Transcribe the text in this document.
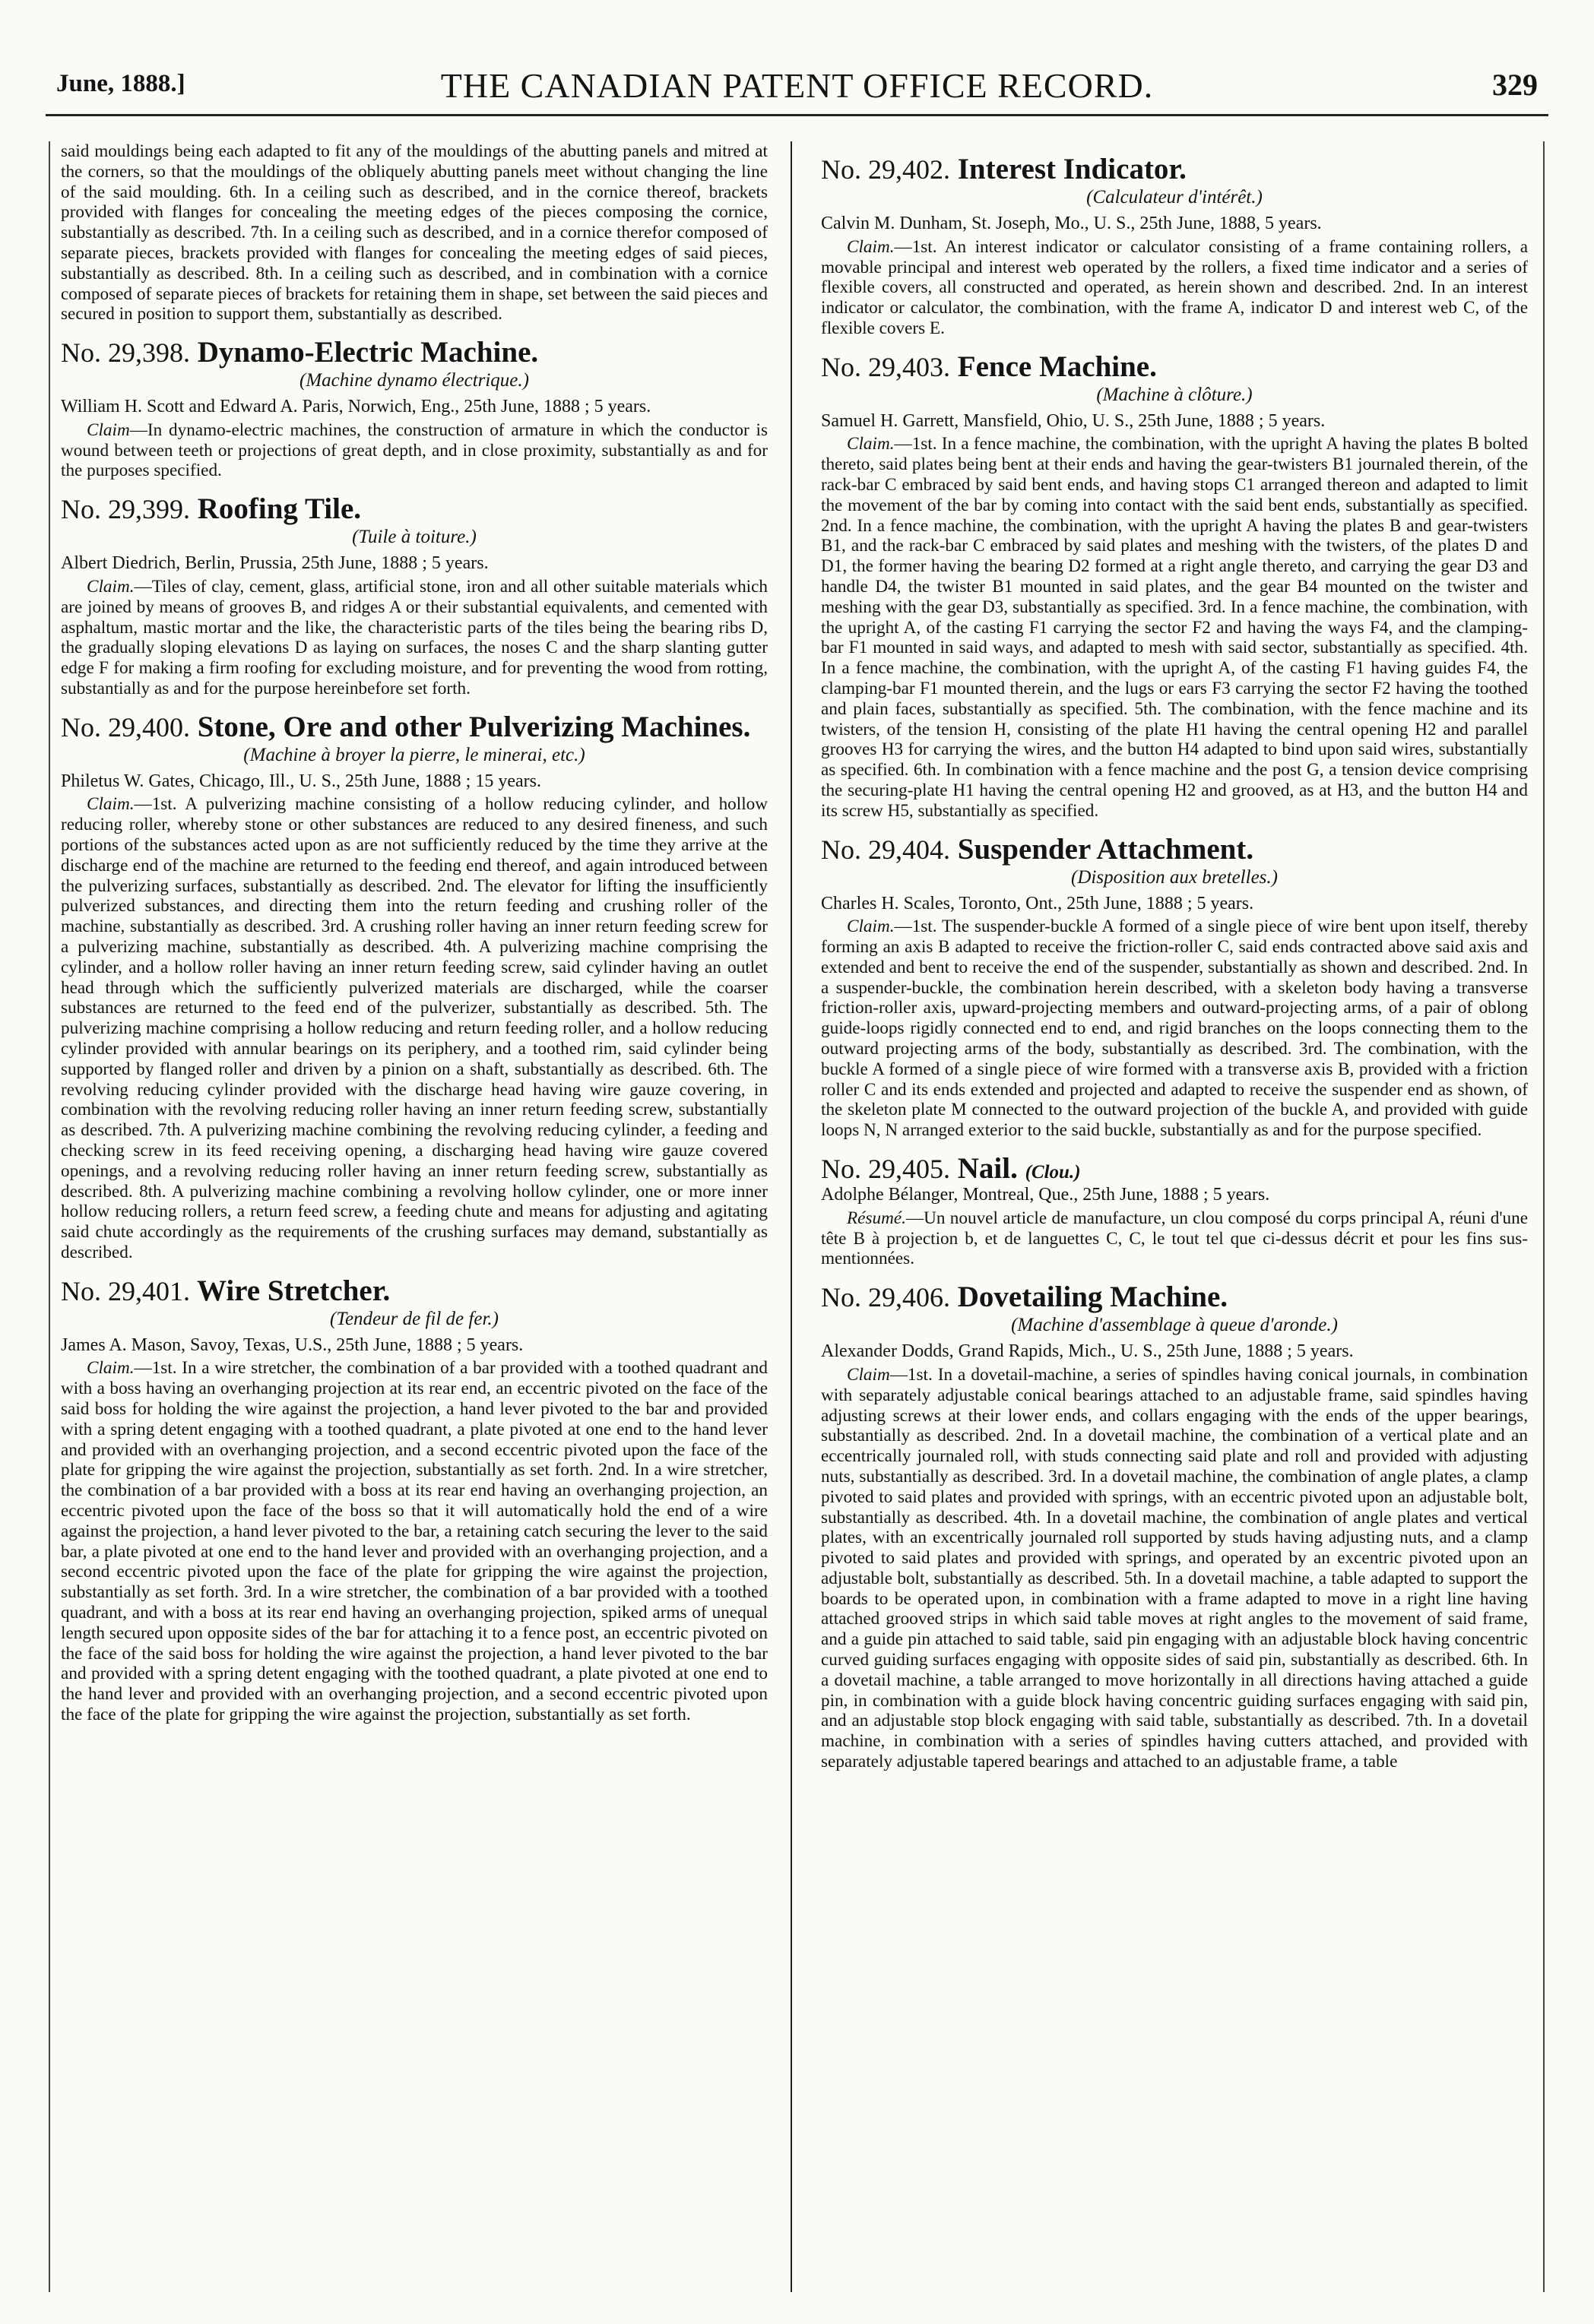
June, 1888.]	THE CANADIAN PATENT OFFICE RECORD.	329

said mouldings being each adapted to fit any of the mouldings of the abutting panels and mitred at the corners, so that the mouldings of the obliquely abutting panels meet without changing the line of the said moulding. 6th. In a ceiling such as described, and in the cornice thereof, brackets provided with flanges for concealing the meeting edges of the pieces composing the cornice, substantially as described. 7th. In a ceiling such as described, and in a cornice therefor composed of separate pieces, brackets provided with flanges for concealing the meeting edges of said pieces, substantially as described. 8th. In a ceiling such as described, and in combination with a cornice composed of separate pieces of brackets for retaining them in shape, set between the said pieces and secured in position to support them, substantially as described.

No. 29,398. Dynamo-Electric Machine.
(Machine dynamo électrique.)
William H. Scott and Edward A. Paris, Norwich, Eng., 25th June, 1888 ; 5 years.

Claim—In dynamo-electric machines, the construction of armature in which the conductor is wound between teeth or projections of great depth, and in close proximity, substantially as and for the purposes specified.

No. 29,399. Roofing Tile.
(Tuile à toiture.)
Albert Diedrich, Berlin, Prussia, 25th June, 1888 ; 5 years.

Claim.—Tiles of clay, cement, glass, artificial stone, iron and all other suitable materials which are joined by means of grooves B, and ridges A or their substantial equivalents, and cemented with asphaltum, mastic mortar and the like, the characteristic parts of the tiles being the bearing ribs D, the gradually sloping elevations D as laying on surfaces, the noses C and the sharp slanting gutter edge F for making a firm roofing for excluding moisture, and for preventing the wood from rotting, substantially as and for the purpose hereinbefore set forth.

No. 29,400. Stone, Ore and other Pulverizing Machines.
(Machine à broyer la pierre, le minerai, etc.)
Philetus W. Gates, Chicago, Ill., U. S., 25th June, 1888 ; 15 years.

Claim.—1st. A pulverizing machine consisting of a hollow reducing cylinder, and hollow reducing roller, whereby stone or other substances are reduced to any desired fineness, and such portions of the substances acted upon as are not sufficiently reduced by the time they arrive at the discharge end of the machine are returned to the feeding end thereof, and again introduced between the pulverizing surfaces, substantially as described. 2nd. The elevator for lifting the insufficiently pulverized substances, and directing them into the return feeding and crushing roller of the machine, substantially as described. 3rd. A crushing roller having an inner return feeding screw for a pulverizing machine, substantially as described. 4th. A pulverizing machine comprising the cylinder, and a hollow roller having an inner return feeding screw, said cylinder having an outlet head through which the sufficiently pulverized materials are discharged, while the coarser substances are returned to the feed end of the pulverizer, substantially as described. 5th. The pulverizing machine comprising a hollow reducing and return feeding roller, and a hollow reducing cylinder provided with annular bearings on its periphery, and a toothed rim, said cylinder being supported by flanged roller and driven by a pinion on a shaft, substantially as described. 6th. The revolving reducing cylinder provided with the discharge head having wire gauze covering, in combination with the revolving reducing roller having an inner return feeding screw, substantially as described. 7th. A pulverizing machine combining the revolving reducing cylinder, a feeding and checking screw in its feed receiving opening, a discharging head having wire gauze covered openings, and a revolving reducing roller having an inner return feeding screw, substantially as described. 8th. A pulverizing machine combining a revolving hollow cylinder, one or more inner hollow reducing rollers, a return feed screw, a feeding chute and means for adjusting and agitating said chute accordingly as the requirements of the crushing surfaces may demand, substantially as described.

No. 29,401. Wire Stretcher.
(Tendeur de fil de fer.)
James A. Mason, Savoy, Texas, U.S., 25th June, 1888 ; 5 years.

Claim.—1st. In a wire stretcher, the combination of a bar provided with a toothed quadrant and with a boss having an overhanging projection at its rear end, an eccentric pivoted on the face of the said boss for holding the wire against the projection, a hand lever pivoted to the bar and provided with a spring detent engaging with a toothed quadrant, a plate pivoted at one end to the hand lever and provided with an overhanging projection, and a second eccentric pivoted upon the face of the plate for gripping the wire against the projection, substantially as set forth. 2nd. In a wire stretcher, the combination of a bar provided with a boss at its rear end having an overhanging projection, an eccentric pivoted upon the face of the boss so that it will automatically hold the end of a wire against the projection, a hand lever pivoted to the bar, a retaining catch securing the lever to the said bar, a plate pivoted at one end to the hand lever and provided with an overhanging projection, and a second eccentric pivoted upon the face of the plate for gripping the wire against the projection, substantially as set forth. 3rd. In a wire stretcher, the combination of a bar provided with a toothed quadrant, and with a boss at its rear end having an overhanging projection, spiked arms of unequal length secured upon opposite sides of the bar for attaching it to a fence post, an eccentric pivoted on the face of the said boss for holding the wire against the projection, a hand lever pivoted to the bar and provided with a spring detent engaging with the toothed quadrant, a plate pivoted at one end to the hand lever and provided with an overhanging projection, and a second eccentric pivoted upon the face of the plate for gripping the wire against the projection, substantially as set forth.

No. 29,402. Interest Indicator.
(Calculateur d'intérêt.)
Calvin M. Dunham, St. Joseph, Mo., U. S., 25th June, 1888, 5 years.

Claim.—1st. An interest indicator or calculator consisting of a frame containing rollers, a movable principal and interest web operated by the rollers, a fixed time indicator and a series of flexible covers, all constructed and operated, as herein shown and described. 2nd. In an interest indicator or calculator, the combination, with the frame A, indicator D and interest web C, of the flexible covers E.

No. 29,403. Fence Machine.
(Machine à clôture.)
Samuel H. Garrett, Mansfield, Ohio, U. S., 25th June, 1888 ; 5 years.

Claim.—1st. In a fence machine, the combination, with the upright A having the plates B bolted thereto, said plates being bent at their ends and having the gear-twisters B1 journaled therein, of the rack-bar C embraced by said bent ends, and having stops C1 arranged thereon and adapted to limit the movement of the bar by coming into contact with the said bent ends, substantially as specified. 2nd. In a fence machine, the combination, with the upright A having the plates B and gear-twisters B1, and the rack-bar C embraced by said plates and meshing with the twisters, of the plates D and D1, the former having the bearing D2 formed at a right angle thereto, and carrying the gear D3 and handle D4, the twister B1 mounted in said plates, and the gear B4 mounted on the twister and meshing with the gear D3, substantially as specified. 3rd. In a fence machine, the combination, with the upright A, of the casting F1 carrying the sector F2 and having the ways F4, and the clamping-bar F1 mounted in said ways, and adapted to mesh with said sector, substantially as specified. 4th. In a fence machine, the combination, with the upright A, of the casting F1 having guides F4, the clamping-bar F1 mounted therein, and the lugs or ears F3 carrying the sector F2 having the toothed and plain faces, substantially as specified. 5th. The combination, with the fence machine and its twisters, of the tension H, consisting of the plate H1 having the central opening H2 and parallel grooves H3 for carrying the wires, and the button H4 adapted to bind upon said wires, substantially as specified. 6th. In combination with a fence machine and the post G, a tension device comprising the securing-plate H1 having the central opening H2 and grooved, as at H3, and the button H4 and its screw H5, substantially as specified.

No. 29,404. Suspender Attachment.
(Disposition aux bretelles.)
Charles H. Scales, Toronto, Ont., 25th June, 1888 ; 5 years.

Claim.—1st. The suspender-buckle A formed of a single piece of wire bent upon itself, thereby forming an axis B adapted to receive the friction-roller C, said ends contracted above said axis and extended and bent to receive the end of the suspender, substantially as shown and described. 2nd. In a suspender-buckle, the combination herein described, with a skeleton body having a transverse friction-roller axis, upward-projecting members and outward-projecting arms, of a pair of oblong guide-loops rigidly connected end to end, and rigid branches on the loops connecting them to the outward projecting arms of the body, substantially as described. 3rd. The combination, with the buckle A formed of a single piece of wire formed with a transverse axis B, provided with a friction roller C and its ends extended and projected and adapted to receive the suspender end as shown, of the skeleton plate M connected to the outward projection of the buckle A, and provided with guide loops N, N arranged exterior to the said buckle, substantially as and for the purpose specified.

No. 29,405. Nail. (Clou.)
Adolphe Bélanger, Montreal, Que., 25th June, 1888 ; 5 years.

Résumé.—Un nouvel article de manufacture, un clou composé du corps principal A, réuni d'une tête B à projection b, et de languettes C, C, le tout tel que ci-dessus décrit et pour les fins sus-mentionnées.

No. 29,406. Dovetailing Machine.
(Machine d'assemblage à queue d'aronde.)
Alexander Dodds, Grand Rapids, Mich., U. S., 25th June, 1888 ; 5 years.

Claim—1st. In a dovetail-machine, a series of spindles having conical journals, in combination with separately adjustable conical bearings attached to an adjustable frame, said spindles having adjusting screws at their lower ends, and collars engaging with the ends of the upper bearings, substantially as described. 2nd. In a dovetail machine, the combination of a vertical plate and an eccentrically journaled roll, with studs connecting said plate and roll and provided with adjusting nuts, substantially as described. 3rd. In a dovetail machine, the combination of angle plates, a clamp pivoted to said plates and provided with springs, with an eccentric pivoted upon an adjustable bolt, substantially as described. 4th. In a dovetail machine, the combination of angle plates and vertical plates, with an excentrically journaled roll supported by studs having adjusting nuts, and a clamp pivoted to said plates and provided with springs, and operated by an excentric pivoted upon an adjustable bolt, substantially as described. 5th. In a dovetail machine, a table adapted to support the boards to be operated upon, in combination with a frame adapted to move in a right line having attached grooved strips in which said table moves at right angles to the movement of said frame, and a guide pin attached to said table, said pin engaging with an adjustable block having concentric curved guiding surfaces engaging with opposite sides of said pin, substantially as described. 6th. In a dovetail machine, a table arranged to move horizontally in all directions having attached a guide pin, in combination with a guide block having concentric guiding surfaces engaging with said pin, and an adjustable stop block engaging with said table, substantially as described. 7th. In a dovetail machine, in combination with a series of spindles having cutters attached, and provided with separately adjustable tapered bearings and attached to an adjustable frame, a table
